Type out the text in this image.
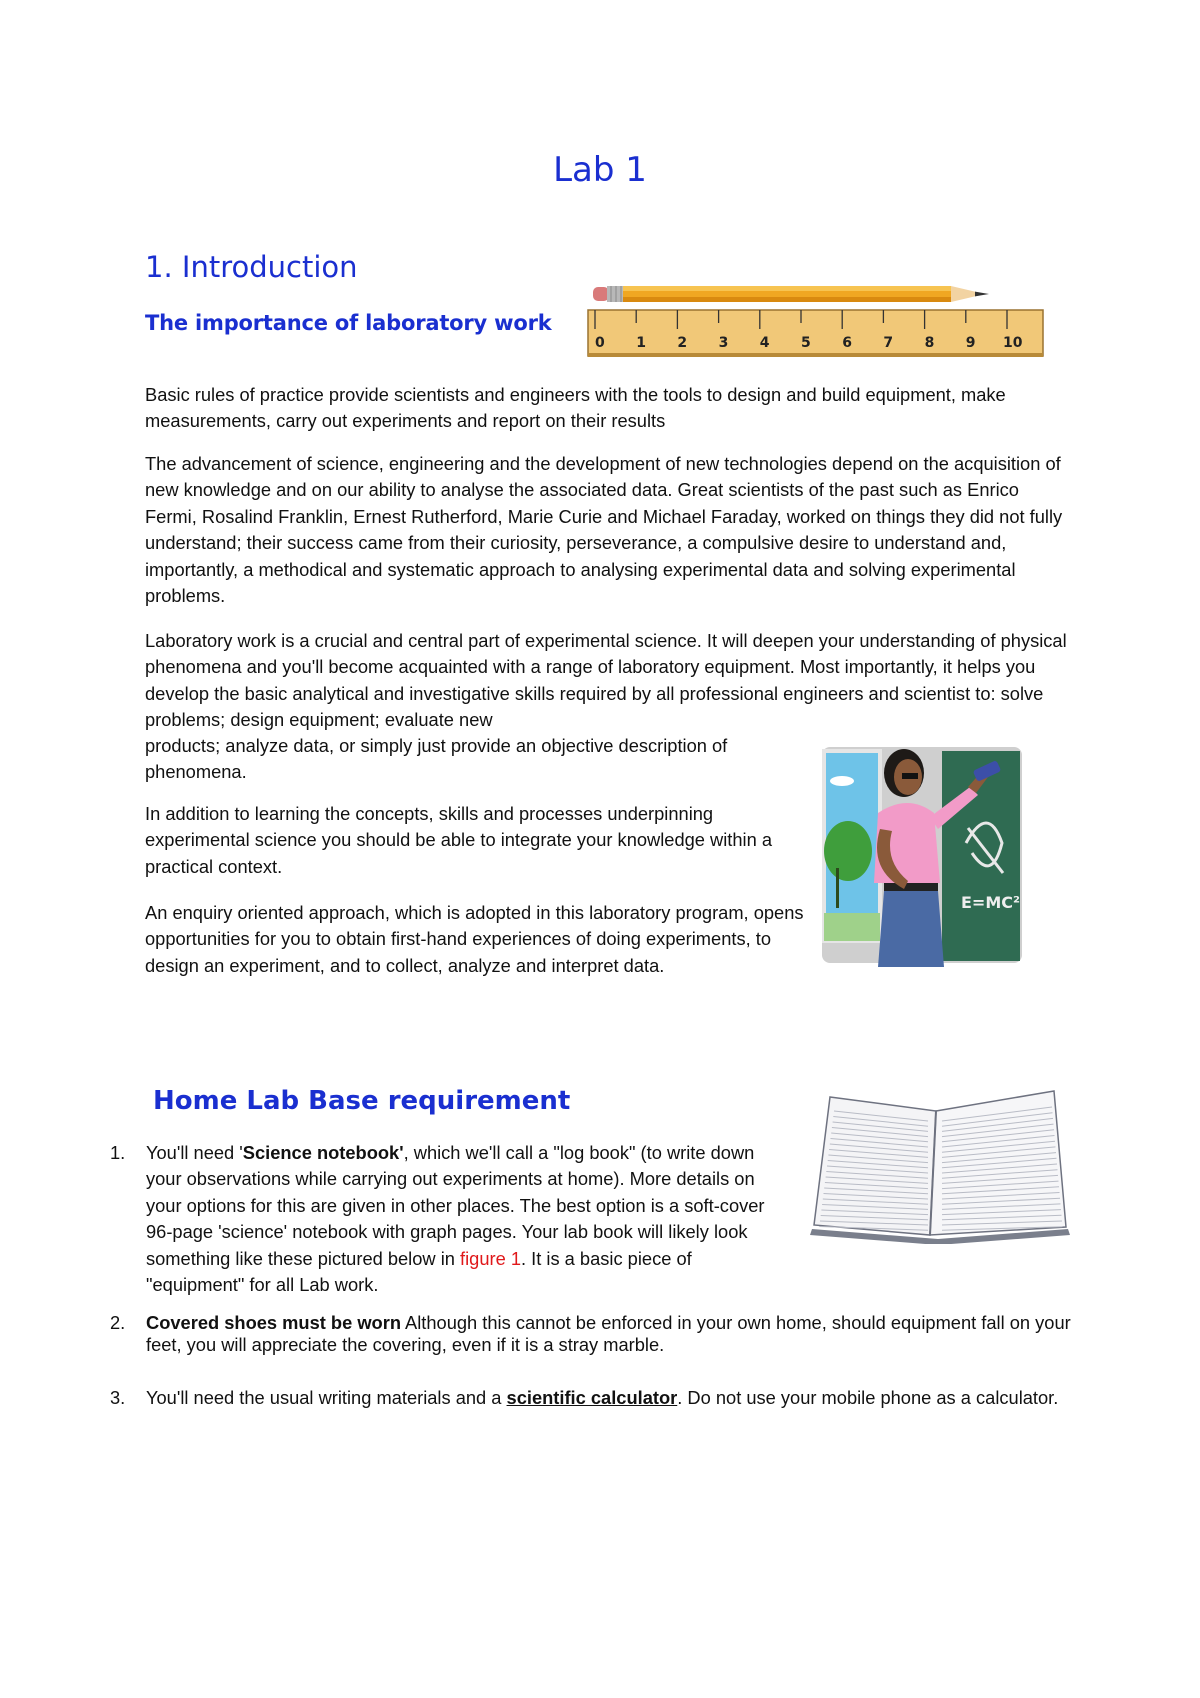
Lab 1
1. Introduction
The importance of laboratory work
0 1 2 3 4 5 6 7 8 9 10

Basic rules of practice provide scientists and engineers with the tools to design and build equipment, make measurements, carry out experiments and report on their results

The advancement of science, engineering and the development of new technologies depend on the acquisition of new knowledge and on our ability to analyse the associated data. Great scientists of the past such as Enrico Fermi, Rosalind Franklin, Ernest Rutherford, Marie Curie and Michael Faraday, worked on things they did not fully understand; their success came from their curiosity, perseverance, a compulsive desire to understand and, importantly, a methodical and systematic approach to analysing experimental data and solving experimental problems.

Laboratory work is a crucial and central part of experimental science. It will deepen your understanding of physical phenomena and you'll become acquainted with a range of laboratory equipment. Most importantly, it helps you develop the basic analytical and investigative skills required by all professional engineers and scientist to: solve problems; design equipment; evaluate new

products; analyze data, or simply just provide an objective description of phenomena.

In addition to learning the concepts, skills and processes underpinning experimental science you should be able to integrate your knowledge within a practical context.

An enquiry oriented approach, which is adopted in this laboratory program, opens opportunities for you to obtain first-hand experiences of doing experiments, to design an experiment, and to collect, analyze and interpret data.

E=MC²
Home Lab Base requirement
1.	You'll need 'Science notebook', which we'll call a "log book" (to write down your observations while carrying out experiments at home). More details on your options for this are given in other places. The best option is a soft-cover 96-page 'science' notebook with graph pages. Your lab book will likely look something like these pictured below in figure 1. It is a basic piece of "equipment" for all Lab work.
2.	Covered shoes must be worn Although this cannot be enforced in your own home, should equipment fall on your feet, you will appreciate the covering, even if it is a stray marble.
3.	You'll need the usual writing materials and a scientific calculator. Do not use your mobile phone as a calculator.
